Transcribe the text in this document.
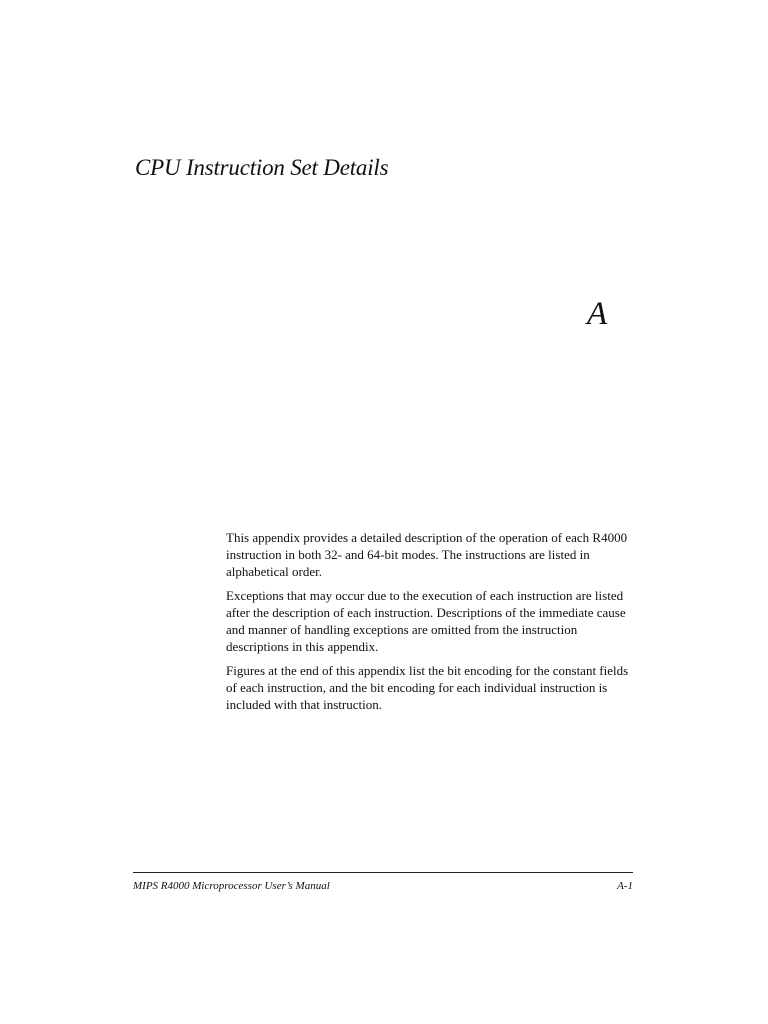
CPU Instruction Set Details
A

This appendix provides a detailed description of the operation of each R4000 instruction in both 32- and 64-bit modes. The instructions are listed in alphabetical order.

Exceptions that may occur due to the execution of each instruction are listed after the description of each instruction. Descriptions of the immediate cause and manner of handling exceptions are omitted from the instruction descriptions in this appendix.

Figures at the end of this appendix list the bit encoding for the constant fields of each instruction, and the bit encoding for each individual instruction is included with that instruction.

MIPS R4000 Microprocessor User’s Manual	A-1
